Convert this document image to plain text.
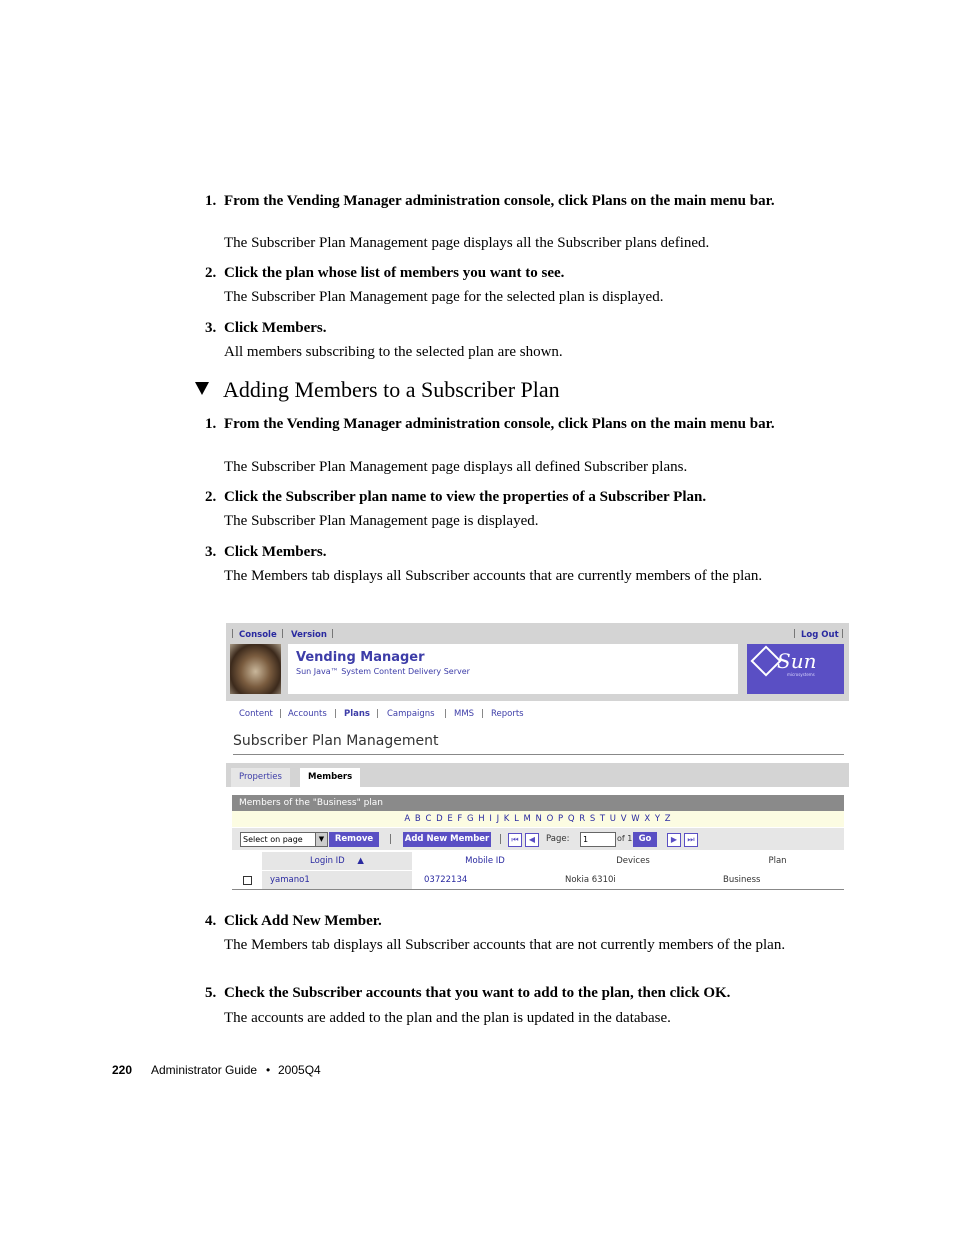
1. From the Vending Manager administration console, click Plans on the main menu bar.
The Subscriber Plan Management page displays all the Subscriber plans defined.
2. Click the plan whose list of members you want to see.
The Subscriber Plan Management page for the selected plan is displayed.
3. Click Members.
All members subscribing to the selected plan are shown.
Adding Members to a Subscriber Plan
1. From the Vending Manager administration console, click Plans on the main menu bar.
The Subscriber Plan Management page displays all defined Subscriber plans.
2. Click the Subscriber plan name to view the properties of a Subscriber Plan.
The Subscriber Plan Management page is displayed.
3. Click Members.
The Members tab displays all Subscriber accounts that are currently members of the plan.
Console Version	Log Out
Vending Manager
Sun Java™ System Content Delivery Server	Sun
microsystems
Content Accounts Plans Campaigns MMS Reports
Subscriber Plan Management
Properties	Members
Members of the "Business" plan
A B C D E F G H I J K L M N O P Q R S T U V W X Y Z
Select on page	▼	Remove	Add New Member	⏮	◀	Page:	1	of 1 Go	▶	⏭
Login ID ▲	Mobile ID	Devices	Plan
yamano1	03722134	Nokia 6310i	Business
4. Click Add New Member.
The Members tab displays all Subscriber accounts that are not currently members of the plan.
5. Check the Subscriber accounts that you want to add to the plan, then click OK.
The accounts are added to the plan and the plan is updated in the database.
220 Administrator Guide • 2005Q4
